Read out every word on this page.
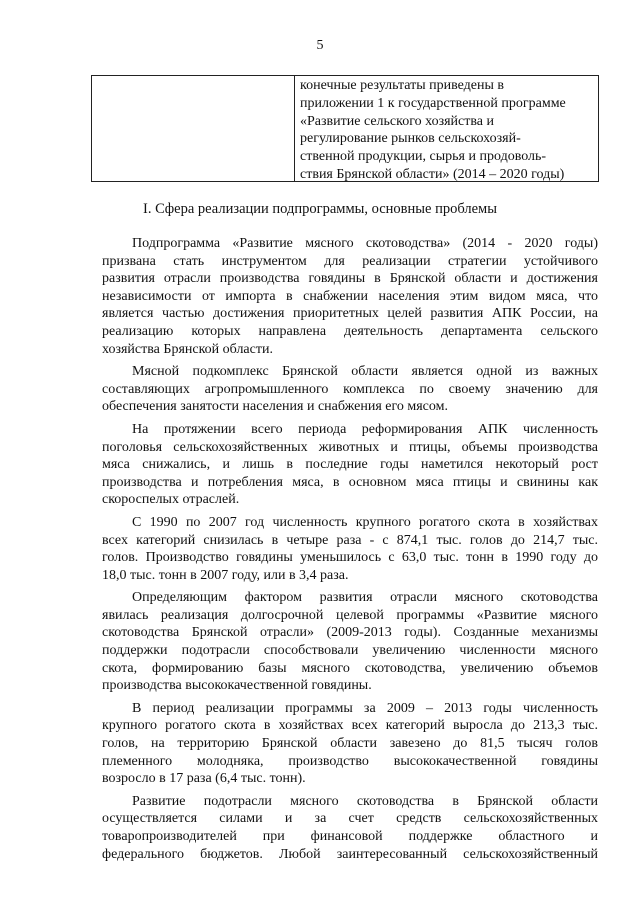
5
конечные результаты приведены в
приложении 1 к государственной программе
«Развитие сельского хозяйства и
регулирование рынков сельскохозяй-
ственной продукции, сырья и продоволь-
ствия Брянской области» (2014 – 2020 годы)
I. Сфера реализации подпрограммы, основные проблемы

Подпрограмма «Развитие мясного скотоводства» (2014 - 2020 годы)
призвана стать инструментом для реализации стратегии устойчивого
развития отрасли производства говядины в Брянской области и достижения
независимости от импорта в снабжении населения этим видом мяса, что
является частью достижения приоритетных целей развития АПК России, на
реализацию которых направлена деятельность департамента сельского
хозяйства Брянской области.

Мясной подкомплекс Брянской области является одной из важных
составляющих агропромышленного комплекса по своему значению для
обеспечения занятости населения и снабжения его мясом.

На протяжении всего периода реформирования АПК численность
поголовья сельскохозяйственных животных и птицы, объемы производства
мяса снижались, и лишь в последние годы наметился некоторый рост
производства и потребления мяса, в основном мяса птицы и свинины как
скороспелых отраслей.

С 1990 по 2007 год численность крупного рогатого скота в хозяйствах
всех категорий снизилась в четыре раза - с 874,1 тыс. голов до 214,7 тыс.
голов. Производство говядины уменьшилось с 63,0 тыс. тонн в 1990 году до
18,0 тыс. тонн в 2007 году, или в 3,4 раза.

Определяющим фактором развития отрасли мясного скотоводства
явилась реализация долгосрочной целевой программы «Развитие мясного
скотоводства Брянской отрасли» (2009-2013 годы). Созданные механизмы
поддержки подотрасли способствовали увеличению численности мясного
скота, формированию базы мясного скотоводства, увеличению объемов
производства высококачественной говядины.

В период реализации программы за 2009 – 2013 годы численность
крупного рогатого скота в хозяйствах всех категорий выросла до 213,3 тыс.
голов, на территорию Брянской области завезено до 81,5 тысяч голов
племенного молодняка, производство высококачественной говядины
возросло в 17 раза (6,4 тыс. тонн).

Развитие подотрасли мясного скотоводства в Брянской области
осуществляется силами и за счет средств сельскохозяйственных
товаропроизводителей при финансовой поддержке областного и
федерального бюджетов. Любой заинтересованный сельскохозяйственный
